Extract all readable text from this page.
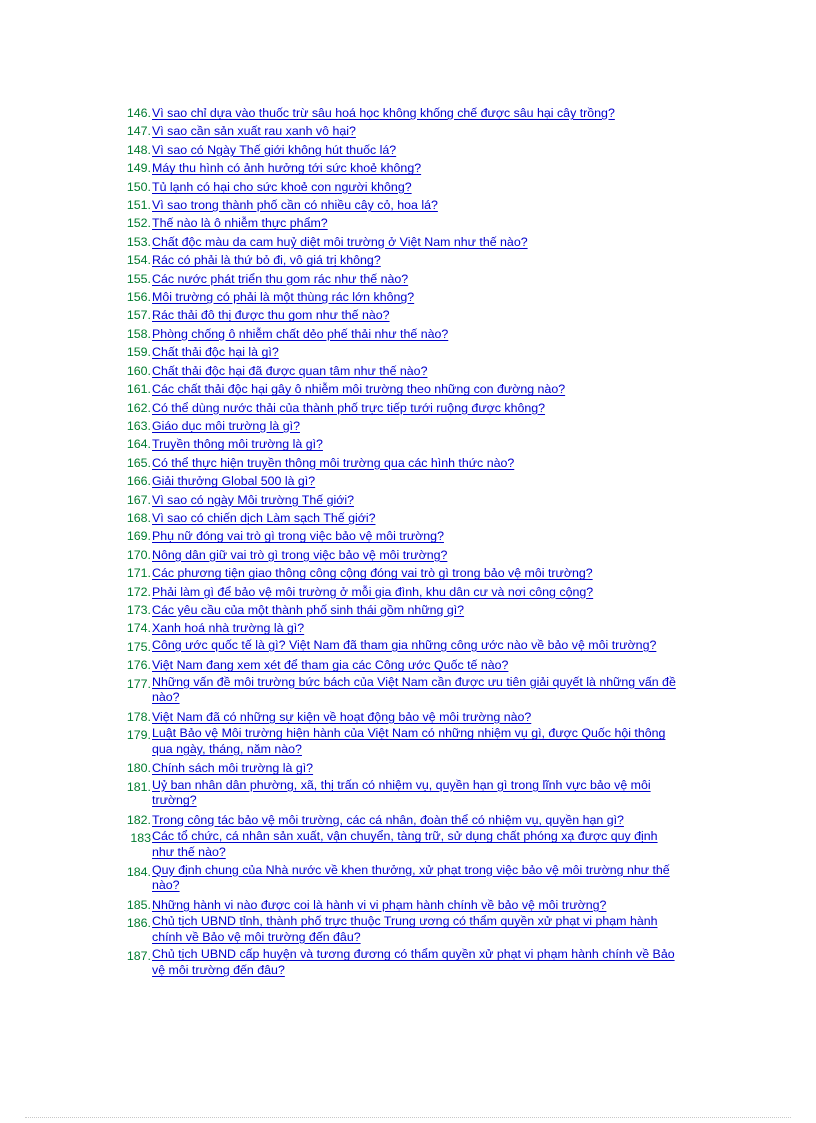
146. Vì sao chỉ dựa vào thuốc trừ sâu hoá học không khống chế được sâu hại cây trồng?
147. Vì sao cần sản xuất rau xanh vô hại?
148. Vì sao có Ngày Thế giới không hút thuốc lá?
149. Máy thu hình có ảnh hưởng tới sức khoẻ không?
150. Tủ lạnh có hại cho sức khoẻ con người không?
151. Vì sao trong thành phố cần có nhiều cây cỏ, hoa lá?
152. Thế nào là ô nhiễm thực phẩm?
153. Chất độc màu da cam huỷ diệt môi trường ở Việt Nam như thế nào?
154. Rác có phải là thứ bỏ đi, vô giá trị không?
155. Các nước phát triển thu gom rác như thế nào?
156. Môi trường có phải là một thùng rác lớn không?
157. Rác thải đô thị được thu gom như thế nào?
158. Phòng chống ô nhiễm chất dẻo phế thải như thế nào?
159. Chất thải độc hại là gì?
160. Chất thải độc hại đã được quan tâm như thế nào?
161. Các chất thải độc hại gây ô nhiễm môi trường theo những con đường nào?
162. Có thể dùng nước thải của thành phố trực tiếp tưới ruộng được không?
163. Giáo dục môi trường là gì?
164. Truyền thông môi trường là gì?
165. Có thể thực hiện truyền thông môi trường qua các hình thức nào?
166. Giải thưởng Global 500 là gì?
167. Vì sao có ngày Môi trường Thế giới?
168. Vì sao có chiến dịch Làm sạch Thế giới?
169. Phụ nữ đóng vai trò gì trong việc bảo vệ môi trường?
170. Nông dân giữ vai trò gì trong việc bảo vệ môi trường?
171. Các phương tiện giao thông công cộng đóng vai trò gì trong bảo vệ môi trường?
172. Phải làm gì để bảo vệ môi trường ở mỗi gia đình, khu dân cư và nơi công cộng?
173. Các yêu cầu của một thành phố sinh thái gồm những gì?
174. Xanh hoá nhà trường là gì?
175. Công ước quốc tế là gì? Việt Nam đã tham gia những công ước nào về bảo vệ môi trường?
176. Việt Nam đang xem xét để tham gia các Công ước Quốc tế nào?
177. Những vấn đề môi trường bức bách của Việt Nam cần được ưu tiên giải quyết là những vấn đề nào?
178. Việt Nam đã có những sự kiện về hoạt động bảo vệ môi trường nào?
179. Luật Bảo vệ Môi trường hiện hành của Việt Nam có những nhiệm vụ gì, được Quốc hội thông qua ngày, tháng, năm nào?
180. Chính sách môi trường là gì?
181. Uỷ ban nhân dân phường, xã, thị trấn có nhiệm vụ, quyền hạn gì trong lĩnh vực bảo vệ môi trường?
182. Trong công tác bảo vệ môi trường, các cá nhân, đoàn thể có nhiệm vụ, quyền hạn gì?
183 Các tổ chức, cá nhân sản xuất, vận chuyển, tàng trữ, sử dụng chất phóng xạ được quy định như thế nào?
184. Quy định chung của Nhà nước về khen thưởng, xử phạt trong việc bảo vệ môi trường như thế nào?
185. Những hành vi nào được coi là hành vi vi phạm hành chính về bảo vệ môi trường?
186. Chủ tịch UBND tỉnh, thành phố trực thuộc Trung ương có thẩm quyền xử phạt vi phạm hành chính về Bảo vệ môi trường đến đâu?
187. Chủ tịch UBND cấp huyện và tương đương có thẩm quyền xử phạt vi phạm hành chính về Bảo vệ môi trường đến đâu?
